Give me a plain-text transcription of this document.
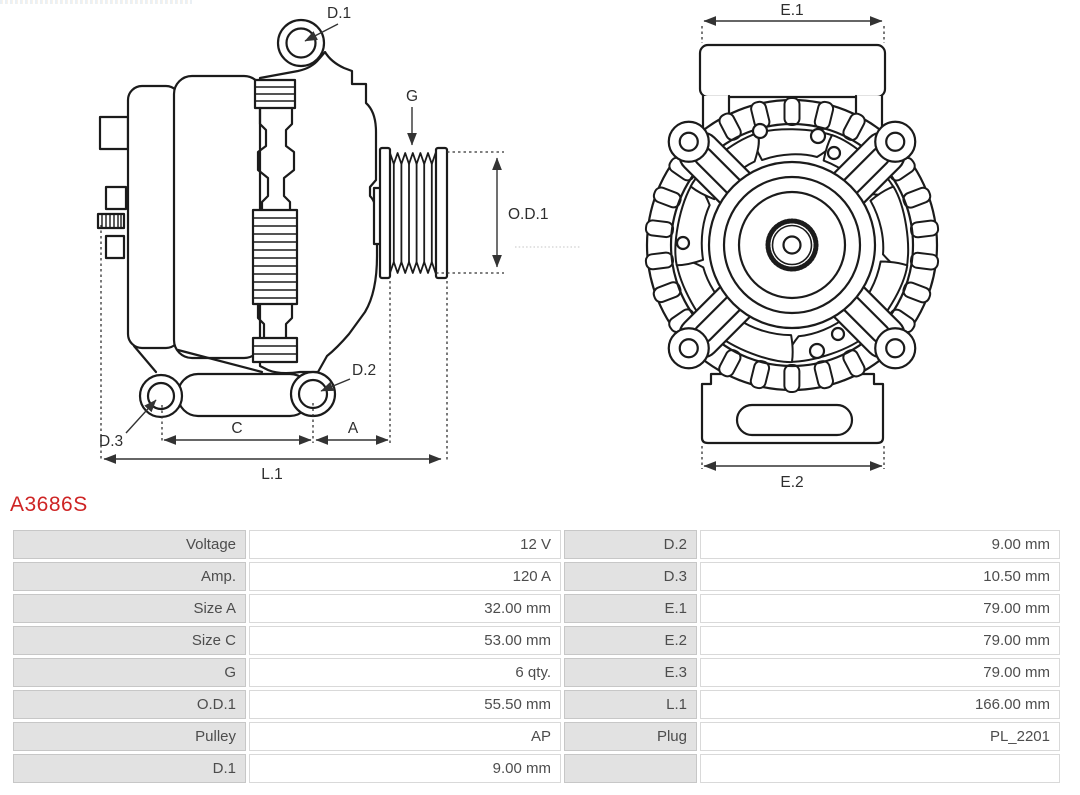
D.1
G
O.D.1
D.2
D.3
C	A
L.1
E.1
E.2
A3686S
Voltage	12 V	D.2	9.00 mm
Amp.	120 A	D.3	10.50 mm
Size A	32.00 mm	E.1	79.00 mm
Size C	53.00 mm	E.2	79.00 mm
G	6 qty.	E.3	79.00 mm
O.D.1	55.50 mm	L.1	166.00 mm
Pulley	AP	Plug	PL_2201
D.1	9.00 mm		
